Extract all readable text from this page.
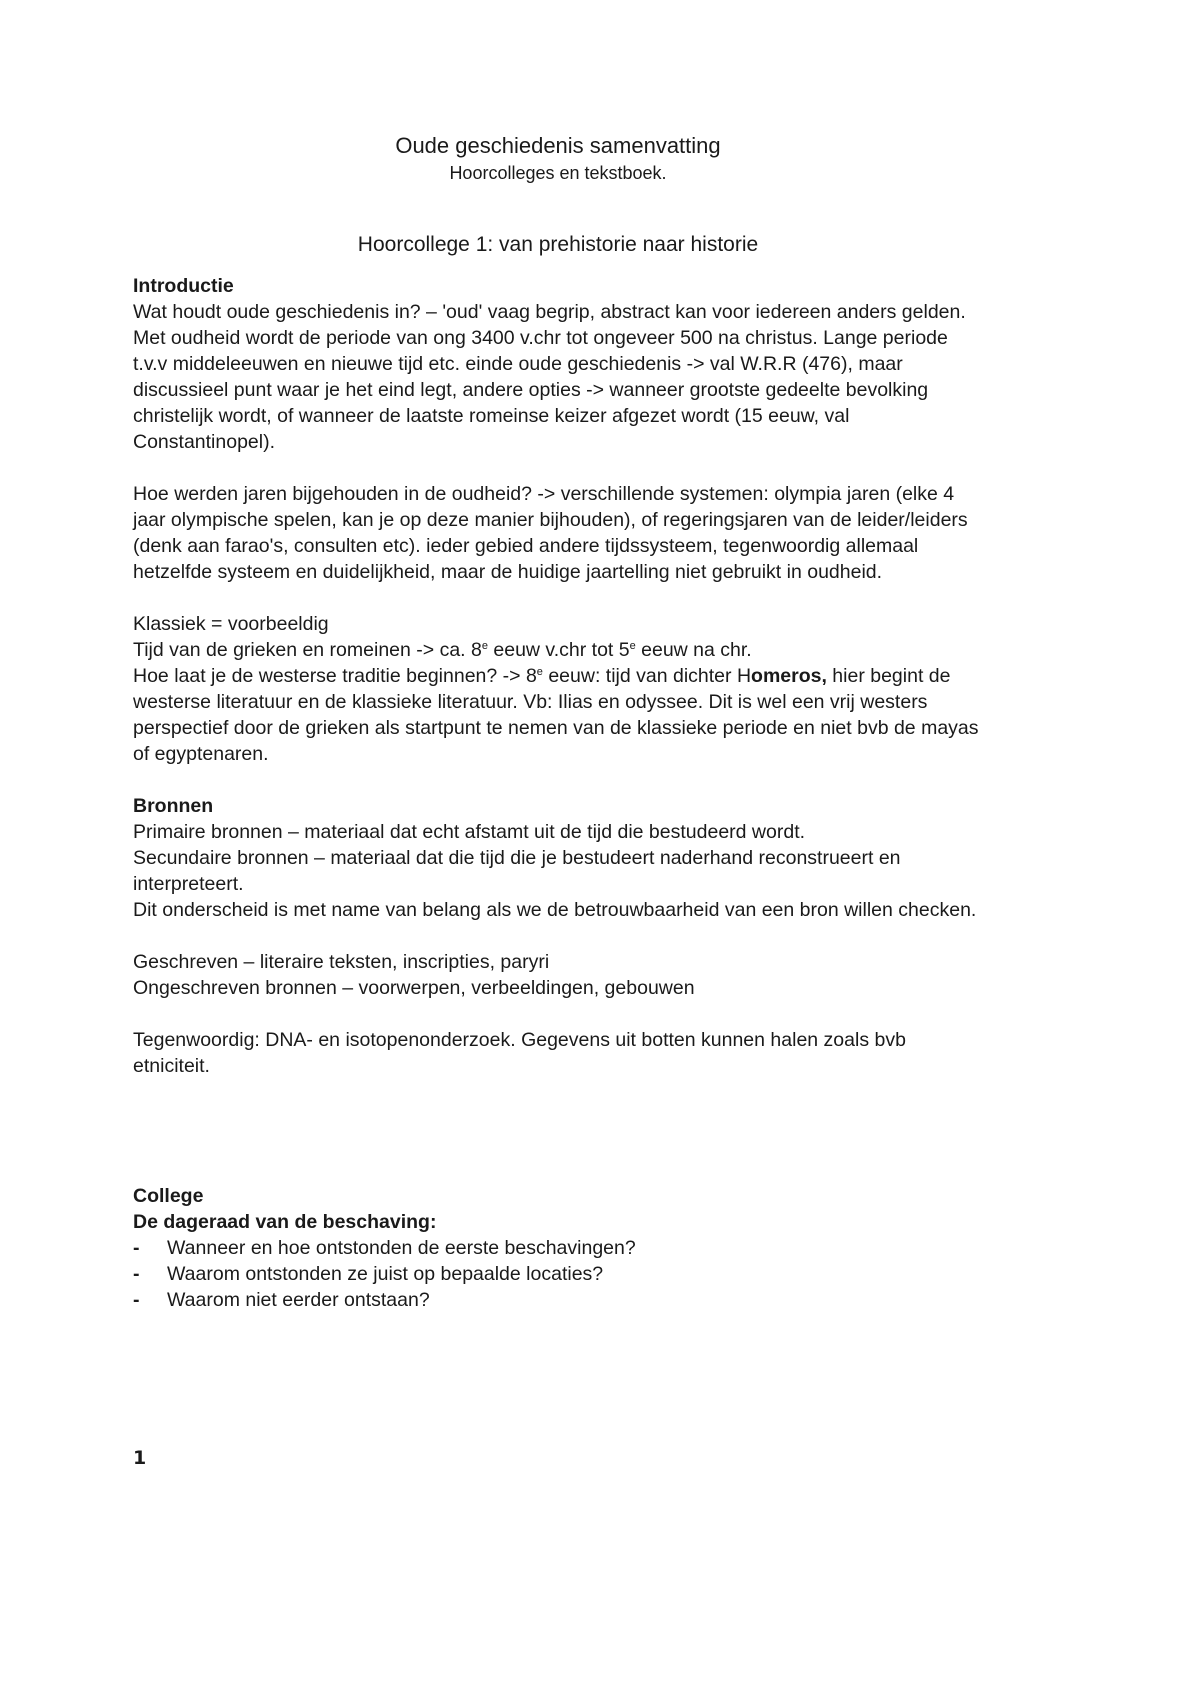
Oude geschiedenis samenvatting

Hoorcolleges en tekstboek.

Hoorcollege 1: van prehistorie naar historie

Introductie

Wat houdt oude geschiedenis in? – 'oud' vaag begrip, abstract kan voor iedereen anders gelden. Met oudheid wordt de periode van ong 3400 v.chr tot ongeveer 500 na christus. Lange periode t.v.v middeleeuwen en nieuwe tijd etc. einde oude geschiedenis -> val W.R.R (476), maar discussieel punt waar je het eind legt, andere opties -> wanneer grootste gedeelte bevolking christelijk wordt, of wanneer de laatste romeinse keizer afgezet wordt (15 eeuw, val Constantinopel).

Hoe werden jaren bijgehouden in de oudheid? -> verschillende systemen: olympia jaren (elke 4 jaar olympische spelen, kan je op deze manier bijhouden), of regeringsjaren van de leider/leiders (denk aan farao's, consulten etc). ieder gebied andere tijdssysteem, tegenwoordig allemaal hetzelfde systeem en duidelijkheid, maar de huidige jaartelling niet gebruikt in oudheid.

Klassiek = voorbeeldig

Tijd van de grieken en romeinen -> ca. 8e eeuw v.chr tot 5e eeuw na chr.

Hoe laat je de westerse traditie beginnen? -> $8^e$ eeuw: tijd van dichter Homeros, hier begint de westerse literatuur en de klassieke literatuur. Vb: Ilias en odyssee. Dit is wel een vrij westers perspectief door de grieken als startpunt te nemen van de klassieke periode en niet bvb de mayas of egyptenaren.

Bronnen

Primaire bronnen – materiaal dat echt afstamt uit de tijd die bestudeerd wordt.

Secundaire bronnen – materiaal dat die tijd die je bestudeert naderhand reconstrueert en interpreteert.

Dit onderscheid is met name van belang als we de betrouwbaarheid van een bron willen checken.

Geschreven – literaire teksten, inscripties, paryri

Ongeschreven bronnen – voorwerpen, verbeeldingen, gebouwen

Tegenwoordig: DNA- en isotopenonderzoek. Gegevens uit botten kunnen halen zoals bvb etniciteit.

College

De dageraad van de beschaving:

-	Wanneer en hoe ontstonden de eerste beschavingen?
-	Waarom ontstonden ze juist op bepaalde locaties?
-	Waarom niet eerder ontstaan?
1
